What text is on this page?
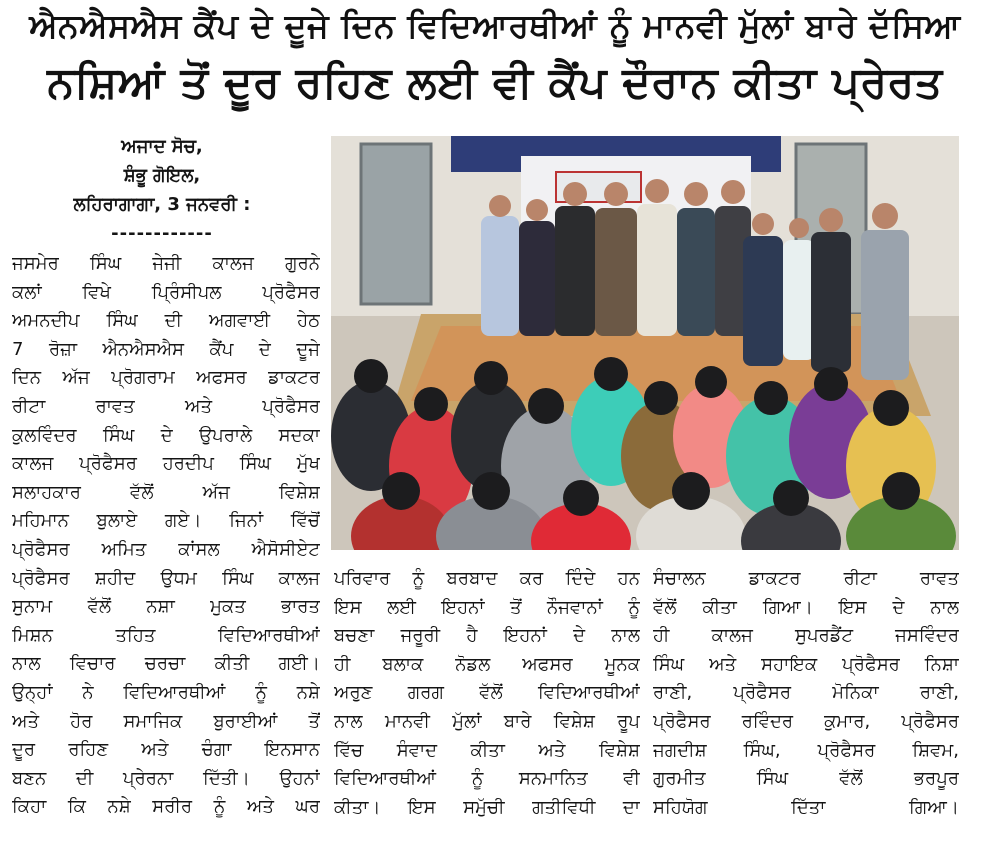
ਐਨਐਸਐਸ ਕੈਂਪ ਦੇ ਦੂਜੇ ਦਿਨ ਵਿਦਿਆਰਥੀਆਂ ਨੂੰ ਮਾਨਵੀ ਮੁੱਲਾਂ ਬਾਰੇ ਦੱਸਿਆ
ਨਸ਼ਿਆਂ ਤੋਂ ਦੂਰ ਰਹਿਣ ਲਈ ਵੀ ਕੈਂਪ ਦੌਰਾਨ ਕੀਤਾ ਪ੍ਰੇਰਤ
ਅਜਾਦ ਸੋਚ,
ਸ਼ੰਭੂ ਗੋਇਲ,
ਲਹਿਰਾਗਾਗਾ, 3 ਜਨਵਰੀ :
------------

ਜਸਮੇਰ ਸਿੰਘ ਜੇਜੀ ਕਾਲਜ ਗੁਰਨੇ

ਕਲਾਂ ਵਿਖੇ ਪ੍ਰਿੰਸੀਪਲ ਪ੍ਰੋਫੈਸਰ

ਅਮਨਦੀਪ ਸਿੰਘ ਦੀ ਅਗਵਾਈ ਹੇਠ

7 ਰੋਜ਼ਾ ਐਨਐਸਐਸ ਕੈਂਪ ਦੇ ਦੂਜੇ

ਦਿਨ ਅੱਜ ਪ੍ਰੋਗਰਾਮ ਅਫਸਰ ਡਾਕਟਰ

ਰੀਟਾ ਰਾਵਤ ਅਤੇ ਪ੍ਰੋਫੈਸਰ

ਕੁਲਵਿੰਦਰ ਸਿੰਘ ਦੇ ਉਪਰਾਲੇ ਸਦਕਾ

ਕਾਲਜ ਪ੍ਰੋਫੈਸਰ ਹਰਦੀਪ ਸਿੰਘ ਮੁੱਖ

ਸਲਾਹਕਾਰ ਵੱਲੋਂ ਅੱਜ ਵਿਸ਼ੇਸ਼

ਮਹਿਮਾਨ ਬੁਲਾਏ ਗਏ। ਜਿਨਾਂ ਵਿੱਚੋਂ

ਪ੍ਰੋਫੈਸਰ ਅਮਿਤ ਕਾਂਸਲ ਐਸੋਸੀਏਟ

ਪ੍ਰੋਫੈਸਰ ਸ਼ਹੀਦ ਉਧਮ ਸਿੰਘ ਕਾਲਜ

ਸੁਨਾਮ ਵੱਲੋਂ ਨਸ਼ਾ ਮੁਕਤ ਭਾਰਤ

ਮਿਸ਼ਨ ਤਹਿਤ ਵਿਦਿਆਰਥੀਆਂ

ਨਾਲ ਵਿਚਾਰ ਚਰਚਾ ਕੀਤੀ ਗਈ।

ਉਨ੍ਹਾਂ ਨੇ ਵਿਦਿਆਰਥੀਆਂ ਨੂੰ ਨਸ਼ੇ

ਅਤੇ ਹੋਰ ਸਮਾਜਿਕ ਬੁਰਾਈਆਂ ਤੋਂ

ਦੂਰ ਰਹਿਣ ਅਤੇ ਚੰਗਾ ਇਨਸਾਨ

ਬਣਨ ਦੀ ਪ੍ਰੇਰਨਾ ਦਿੱਤੀ। ਉਹਨਾਂ

ਕਿਹਾ ਕਿ ਨਸ਼ੇ ਸਰੀਰ ਨੂੰ ਅਤੇ ਘਰ

ਪਰਿਵਾਰ ਨੂੰ ਬਰਬਾਦ ਕਰ ਦਿੰਦੇ ਹਨ

ਇਸ ਲਈ ਇਹਨਾਂ ਤੋਂ ਨੌਜਵਾਨਾਂ ਨੂੰ

ਬਚਣਾ ਜਰੂਰੀ ਹੈ ਇਹਨਾਂ ਦੇ ਨਾਲ

ਹੀ ਬਲਾਕ ਨੋਡਲ ਅਫਸਰ ਮੂਨਕ

ਅਰੁਣ ਗਰਗ ਵੱਲੋਂ ਵਿਦਿਆਰਥੀਆਂ

ਨਾਲ ਮਾਨਵੀ ਮੁੱਲਾਂ ਬਾਰੇ ਵਿਸ਼ੇਸ਼ ਰੂਪ

ਵਿੱਚ ਸੰਵਾਦ ਕੀਤਾ ਅਤੇ ਵਿਸ਼ੇਸ਼

ਵਿਦਿਆਰਥੀਆਂ ਨੂੰ ਸਨਮਾਨਿਤ ਵੀ

ਕੀਤਾ। ਇਸ ਸਮੁੱਚੀ ਗਤੀਵਿਧੀ ਦਾ

ਸੰਚਾਲਨ ਡਾਕਟਰ ਰੀਟਾ ਰਾਵਤ

ਵੱਲੋਂ ਕੀਤਾ ਗਿਆ। ਇਸ ਦੇ ਨਾਲ

ਹੀ ਕਾਲਜ ਸੁਪਰਡੈਂਟ ਜਸਵਿੰਦਰ

ਸਿੰਘ ਅਤੇ ਸਹਾਇਕ ਪ੍ਰੋਫੈਸਰ ਨਿਸ਼ਾ

ਰਾਣੀ, ਪ੍ਰੋਫੈਸਰ ਮੋਨਿਕਾ ਰਾਣੀ,

ਪ੍ਰੋਫੈਸਰ ਰਵਿੰਦਰ ਕੁਮਾਰ, ਪ੍ਰੋਫੈਸਰ

ਜਗਦੀਸ਼ ਸਿੰਘ, ਪ੍ਰੋਫੈਸਰ ਸ਼ਿਵਮ,

ਗੁਰਮੀਤ ਸਿੰਘ ਵੱਲੋਂ ਭਰਪੂਰ

ਸਹਿਯੋਗ ਦਿੱਤਾ ਗਿਆ।
